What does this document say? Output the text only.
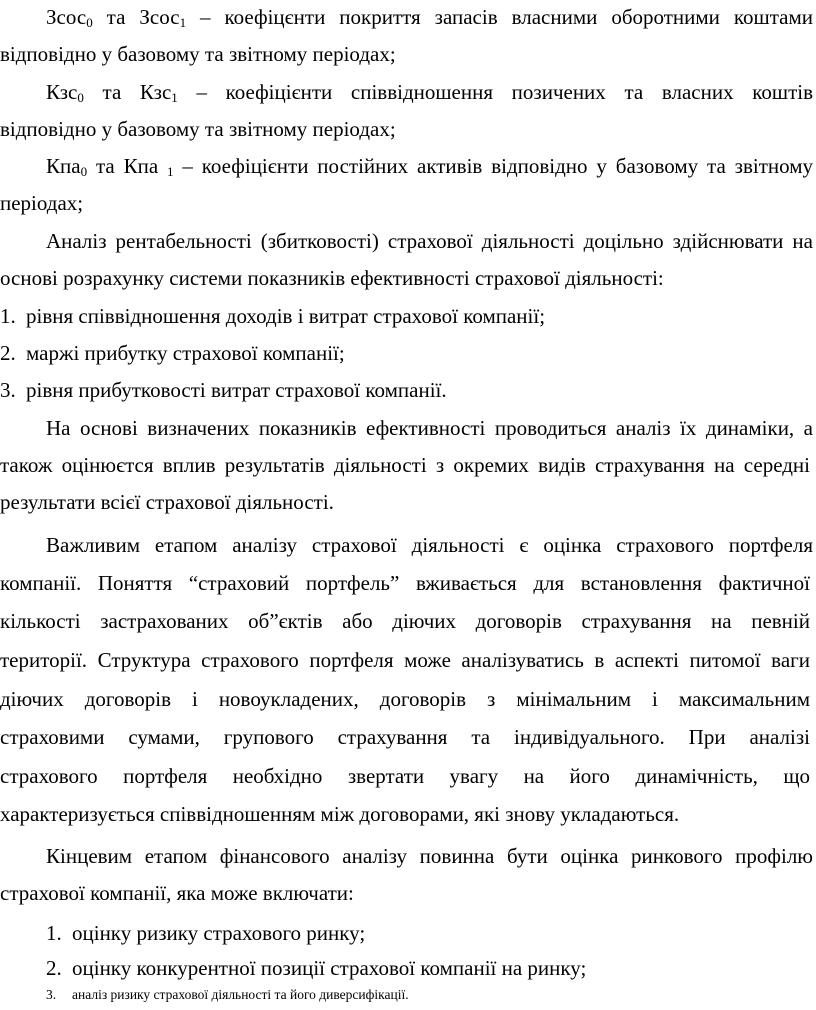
Зсос$_0$ та Зсос$_1$ – коефіцєнти покриття запасів власними оборотними коштами
відповідно у базовому та звітному періодах;
Кзс$_0$ та Кзс$_1$ – коефіцієнти співвідношення позичених та власних коштів
відповідно у базовому та звітному періодах;
Кпа$_0$ та Кпа $_1$ – коефіцієнти постійних активів відповідно у базовому та звітному
періодах;
Аналіз рентабельності (збитковості) страхової діяльності доцільно здійснювати на
основі розрахунку системи показників ефективності страхової діяльності:
1. рівня співвідношення доходів і витрат страхової компанії;
2. маржі прибутку страхової компанії;
3. рівня прибутковості витрат страхової компанії.
На основі визначених показників ефективності проводиться аналіз їх динаміки, а
також оцінюєтся вплив результатів діяльності з окремих видів страхування на середні
результати всієї страхової діяльності.
Важливим етапом аналізу страхової діяльності є оцінка страхового портфеля
компанії. Поняття “страховий портфель” вживається для встановлення фактичної
кількості застрахованих об”єктів або діючих договорів страхування на певній
території. Структура страхового портфеля може аналізуватись в аспекті питомої ваги
діючих договорів і новоукладених, договорів з мінімальним і максимальним
страховими сумами, групового страхування та індивідуального. При аналізі
страхового портфеля необхідно звертати увагу на його динамічність, що
характеризується співвідношенням між договорами, які знову укладаються.
Кінцевим етапом фінансового аналізу повинна бути оцінка ринкового профілю
страхової компанії, яка може включати:
1. оцінку ризику страхового ринку;
2. оцінку конкурентної позиції страхової компанії на ринку;
3. аналіз ризику страхової діяльності та його диверсифікації.
